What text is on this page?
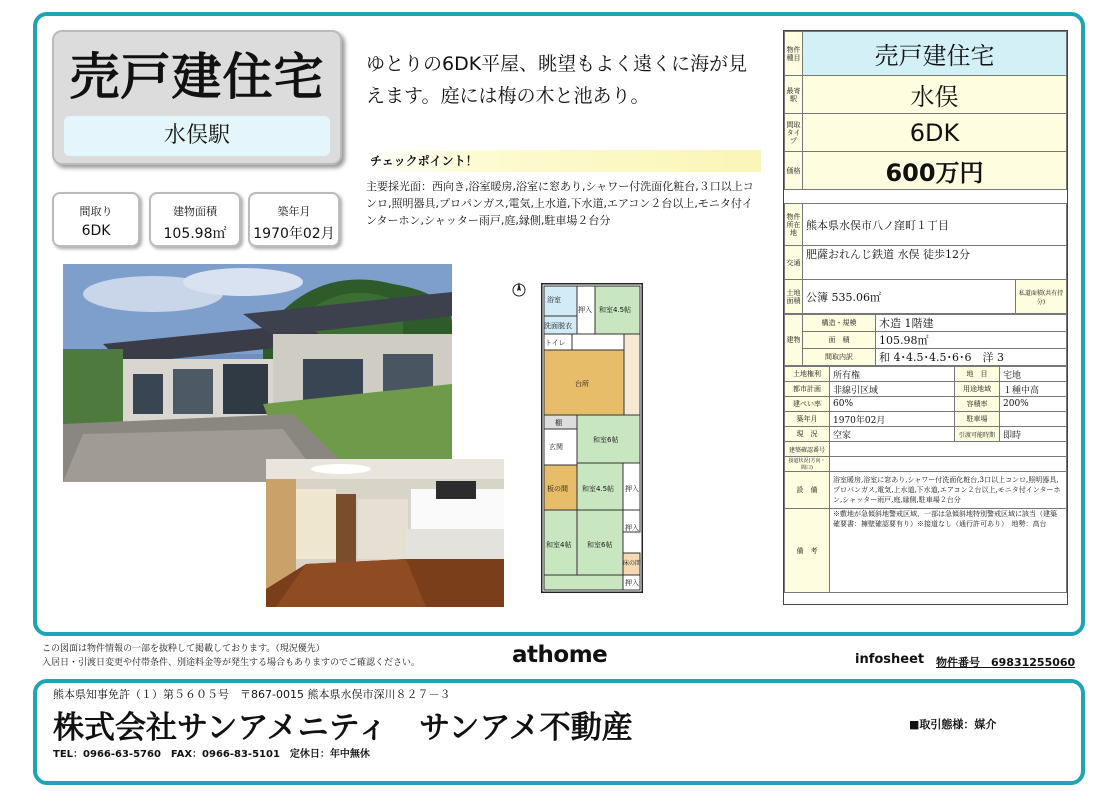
売戸建住宅
水俣駅
間取り
6DK
建物面積
105.98㎡
築年月
1970年02月
ゆとりの6DK平屋、眺望もよく遠くに海が見えます。庭には梅の木と池あり。
チェックポイント！
主要採光面：西向き,浴室暖房,浴室に窓あり,シャワー付洗面化粧台,３口以上コンロ,照明器具,プロパンガス,電気,上水道,下水道,エアコン２台以上,モニタ付インターホン,シャッター雨戸,庭,縁側,駐車場２台分
浴室
押入 和室4.5帖
洗面脱衣
トイレ
台所
棚
和室6帖
玄関
板の間 和室4.5帖 押入
押入
和室4帖 和室6帖
床の間
押入
物件種目	売戸建住宅
最寄駅	水俣
間取タイプ	6DK
価格	600万円
物件所在地	熊本県水俣市八ノ窪町１丁目	
交通	肥薩おれんじ鉄道 水俣 徒歩12分	
土地面積	公簿 535.06㎡	私道面積(共有持分)
建物	構造・規模	木造 1階建
	面　積	105.98㎡
	間取内訳	和 4･4.5･4.5･6･6　洋 3
土地権利	所有権	地　目	宅地
都市計画	非線引区域	用途地域	１種中高
建ぺい率	60%	容積率	200%
築年月	1970年02月	駐車場	
現　況	空家	引渡可能時期	即時
建築確認番号			
接道状況(方向・間口)			
設　備	浴室暖房,浴室に窓あり,シャワー付洗面化粧台,3口以上コンロ,照明器具,プロパンガス,電気,上水道,下水道,エアコン２台以上,モニタ付インターホン,シャッター雨戸,庭,縁側,駐車場２台分		
備　考	※敷地が急傾斜地警戒区域、一部は急傾斜地特別警戒区域に該当（建築確要書：擁壁確認要有り）※接道なし（通行許可あり）　地勢：高台		
この図面は物件情報の一部を抜粋して掲載しております。（現況優先）
入居日・引渡日変更や付帯条件、別途料金等が発生する場合もありますのでご確認ください。	athome	infosheet 物件番号　69831255060
熊本県知事免許（１）第５６０５号　〒867-0015 熊本県水俣市深川８２７－３
株式会社サンアメニティ　サンアメ不動産	■取引態様：媒介
TEL：0966-63-5760　FAX：0966-83-5101　定休日：年中無休
